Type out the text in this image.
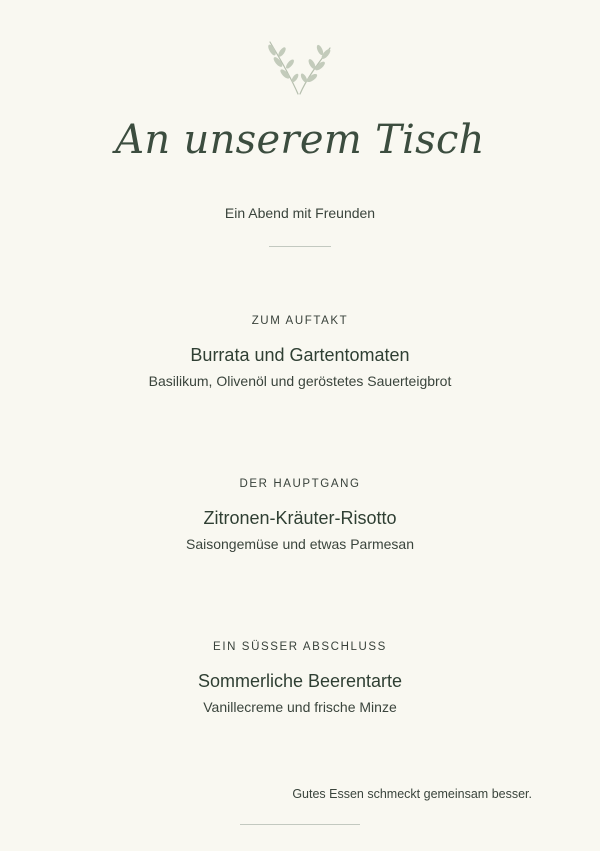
An unserem Tisch
Ein Abend mit Freunden
ZUM AUFTAKT
Burrata und Gartentomaten
Basilikum, Olivenöl und geröstetes Sauerteigbrot
DER HAUPTGANG
Zitronen-Kräuter-Risotto
Saisongemüse und etwas Parmesan
EIN SÜSSER ABSCHLUSS
Sommerliche Beerentarte
Vanillecreme und frische Minze
Gutes Essen schmeckt gemeinsam besser.
